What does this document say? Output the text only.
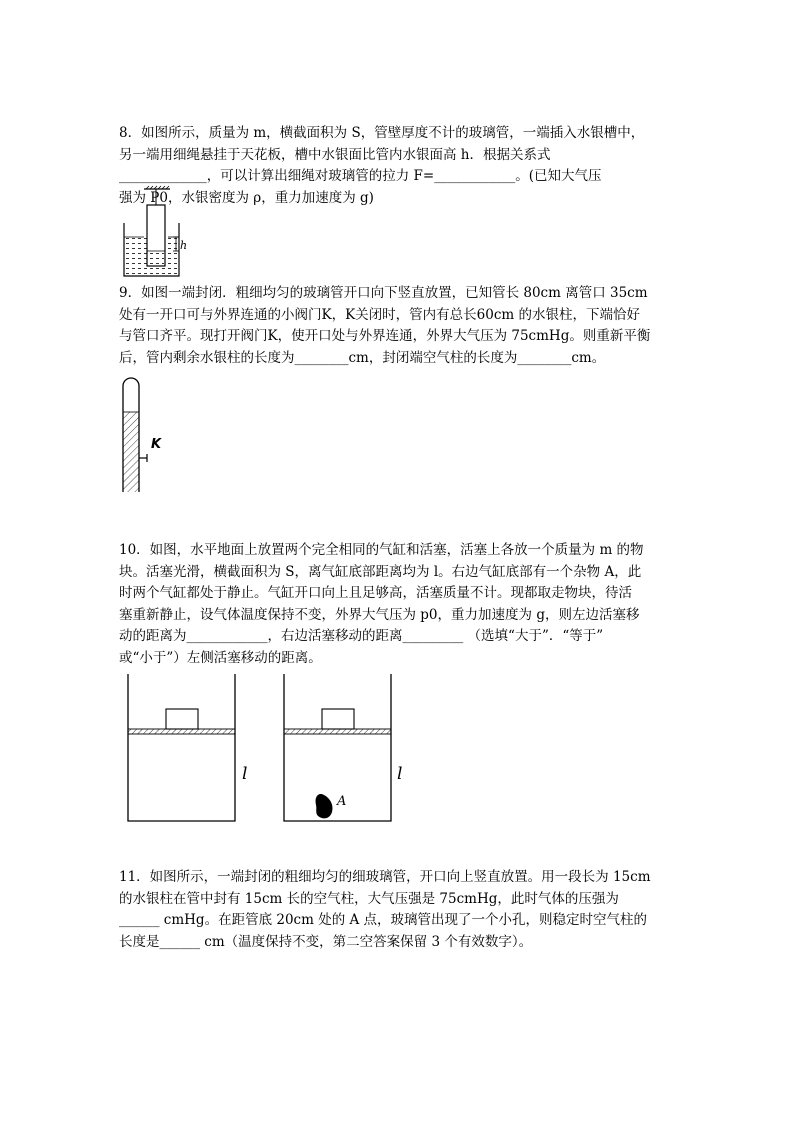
8．如图所示，质量为 m，横截面积为 S，管壁厚度不计的玻璃管，一端插入水银槽中，

另一端用细绳悬挂于天花板，槽中水银面比管内水银面高 h．根据关系式

_____________，可以计算出细绳对玻璃管的拉力 F=____________。(已知大气压

强为 P0，水银密度为 ρ，重力加速度为 g)

h

9．如图一端封闭．粗细均匀的玻璃管开口向下竖直放置，已知管长 80cm 离管口 35cm

处有一开口可与外界连通的小阀门K，K关闭时，管内有总长60cm 的水银柱，下端恰好

与管口齐平。现打开阀门K，使开口处与外界连通，外界大气压为 75cmHg。则重新平衡

后，管内剩余水银柱的长度为________cm，封闭端空气柱的长度为________cm。

K

10．如图，水平地面上放置两个完全相同的气缸和活塞，活塞上各放一个质量为 m 的物

块。活塞光滑，横截面积为 S，离气缸底部距离均为 l。右边气缸底部有一个杂物 A，此

时两个气缸都处于静止。气缸开口向上且足够高，活塞质量不计。现都取走物块，待活

塞重新静止，设气体温度保持不变，外界大气压为 p0，重力加速度为 g，则左边活塞移

动的距离为____________，右边活塞移动的距离_________ （选填“大于”．“等于”

或“小于”）左侧活塞移动的距离。

l
A
l

11．如图所示，一端封闭的粗细均匀的细玻璃管，开口向上竖直放置。用一段长为 15cm

的水银柱在管中封有 15cm 长的空气柱，大气压强是 75cmHg，此时气体的压强为

______ cmHg。在距管底 20cm 处的 A 点，玻璃管出现了一个小孔，则稳定时空气柱的

长度是______ cm（温度保持不变，第二空答案保留 3 个有效数字）。
